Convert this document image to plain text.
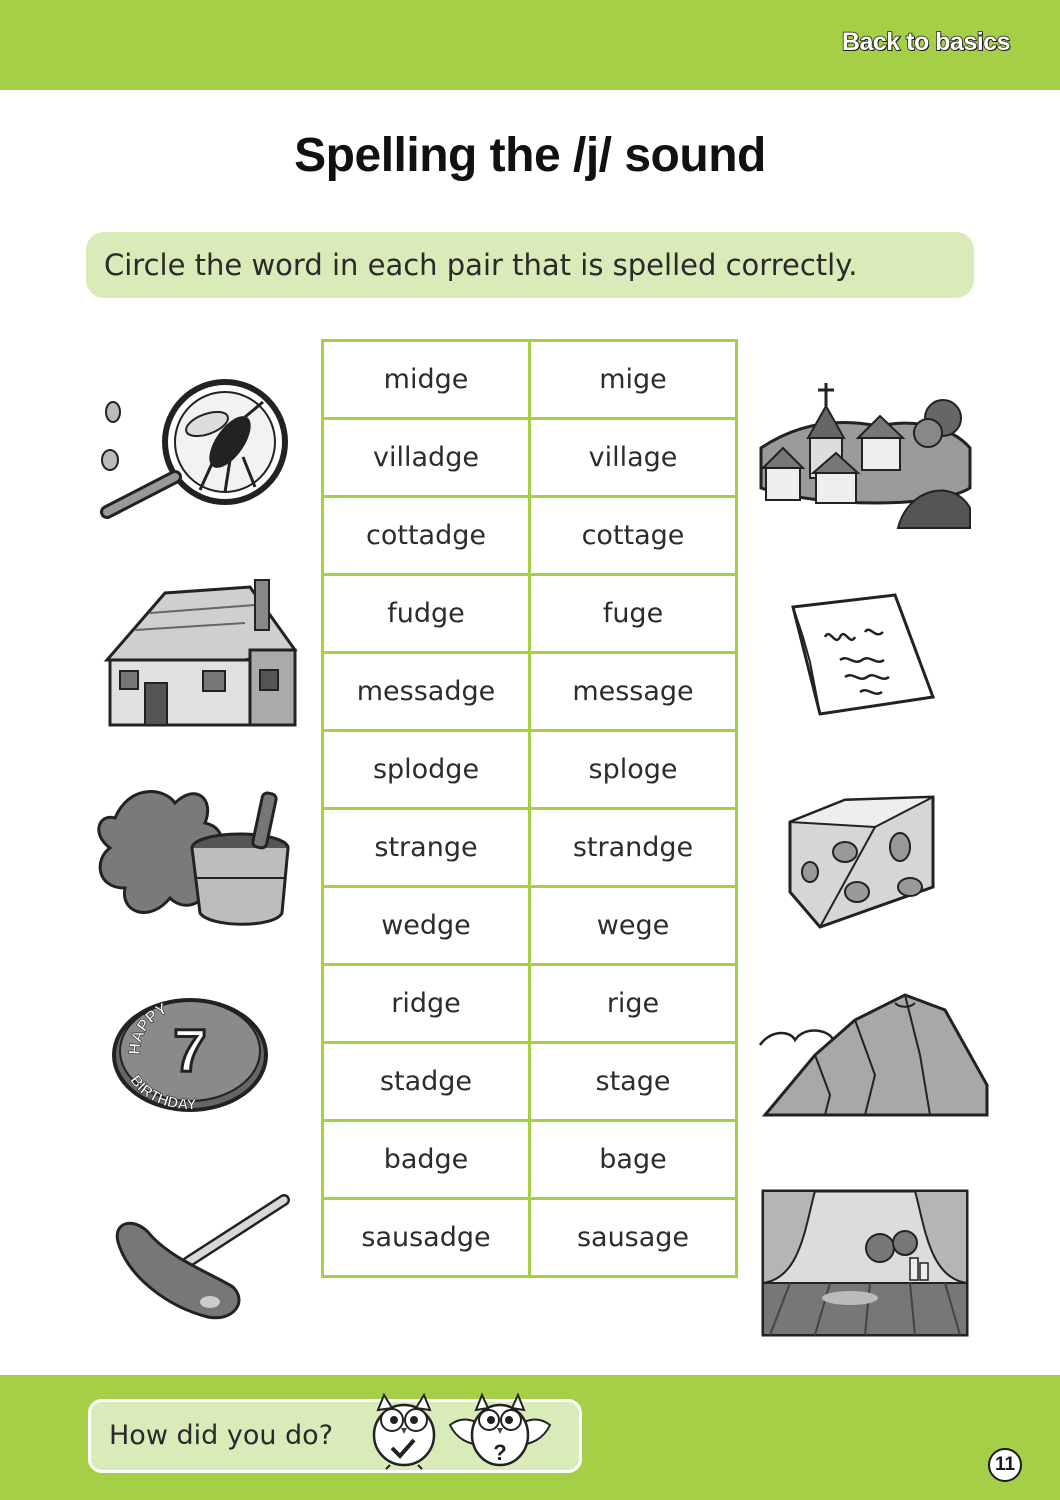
Back to basics
Spelling the /j/ sound
Circle the word in each pair that is spelled correctly.
midge	mige
villadge	village
cottadge	cottage
fudge	fuge
messadge	message
splodge	sploge
strange	strandge
wedge	wege
ridge	rige
stadge	stage
badge	bage
sausadge	sausage
HAPPY
7
BIRTHDAY
How did you do?
?	11
